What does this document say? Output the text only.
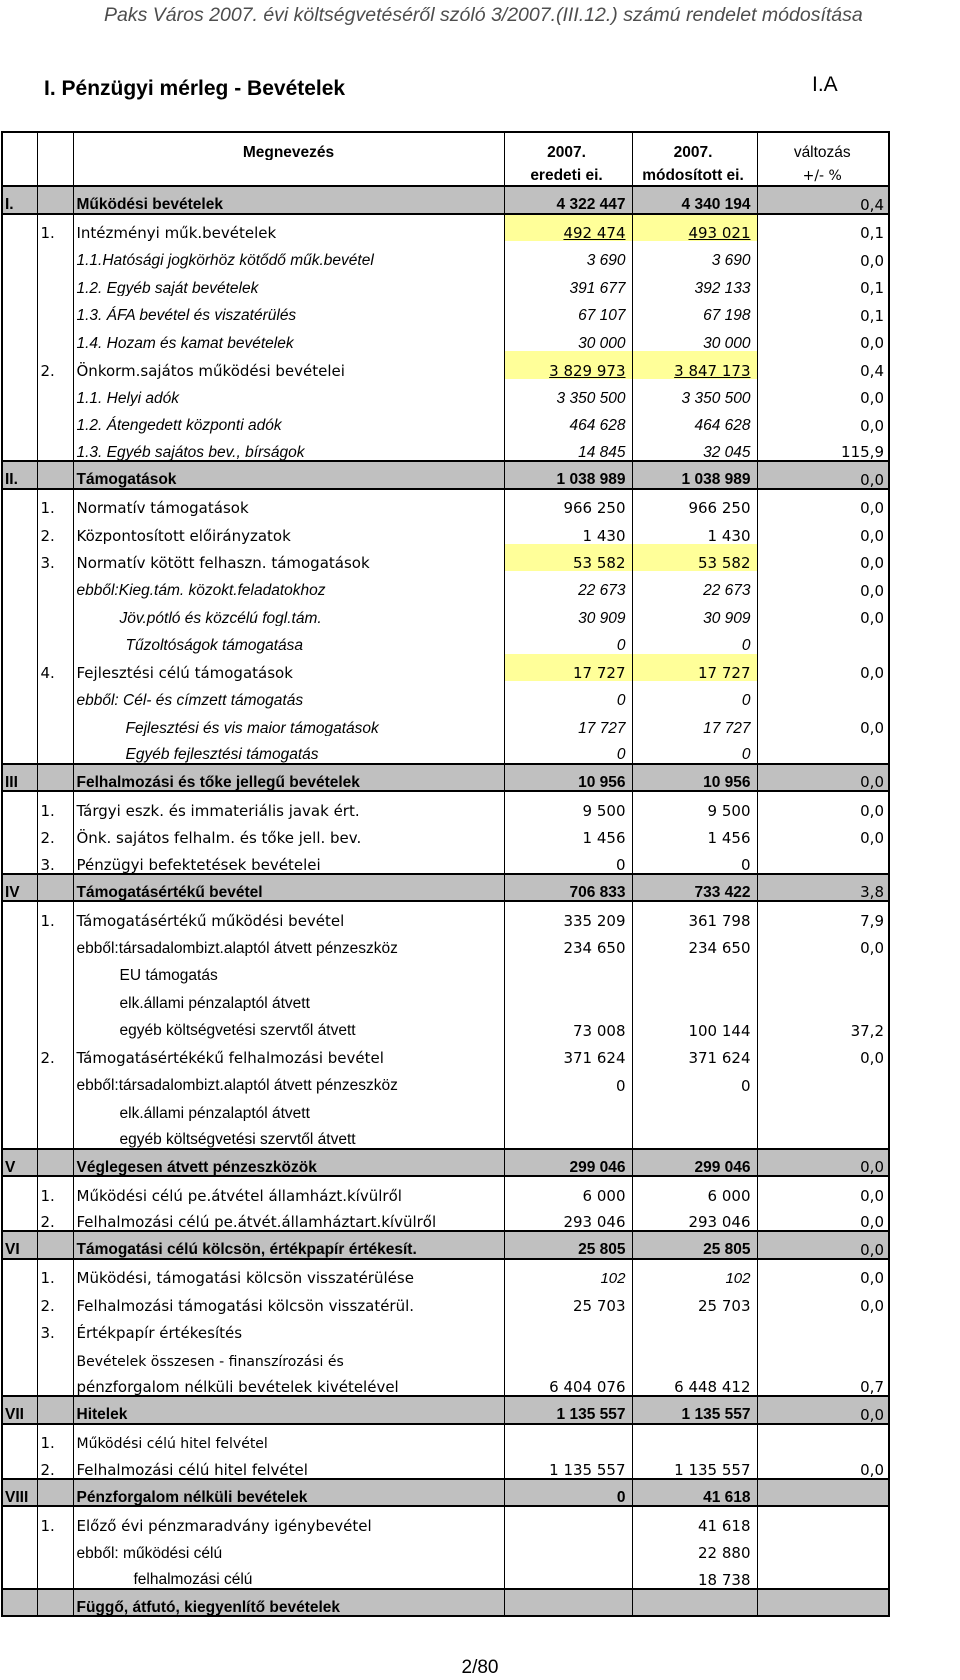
Paks Város 2007. évi költségvetéséről szóló 3/2007.(III.12.) számú rendelet módosítása
I. Pénzügyi mérleg - Bevételek	I.A
		Megnevezés	2007.	2007.	változás
			eredeti ei.	módosított ei.	+/- %
I.		Működési bevételek	4 322 447	4 340 194	0,4
	1.	Intézményi műk.bevételek	492 474	493 021	0,1
		1.1.Hatósági jogkörhöz kötődő műk.bevétel	3 690	3 690	0,0
		1.2. Egyéb saját bevételek	391 677	392 133	0,1
		1.3. ÁFA bevétel és viszatérülés	67 107	67 198	0,1
		1.4. Hozam és kamat bevételek	30 000	30 000	0,0
	2.	Önkorm.sajátos működési bevételei	3 829 973	3 847 173	0,4
		1.1. Helyi adók	3 350 500	3 350 500	0,0
		1.2. Átengedett központi adók	464 628	464 628	0,0
		1.3. Egyéb sajátos bev., bírságok	14 845	32 045	115,9
II.		Támogatások	1 038 989	1 038 989	0,0
	1.	Normatív támogatások	966 250	966 250	0,0
	2.	Központosított előirányzatok	1 430	1 430	0,0
	3.	Normatív kötött felhaszn. támogatások	53 582	53 582	0,0
		ebből:Kieg.tám. közokt.feladatokhoz	22 673	22 673	0,0
		Jöv.pótló és közcélú fogl.tám.	30 909	30 909	0,0
		Tűzoltóságok támogatása	0	0	
	4.	Fejlesztési célú támogatások	17 727	17 727	0,0
		ebből: Cél- és címzett támogatás	0	0	
		Fejlesztési és vis maior támogatások	17 727	17 727	0,0
		Egyéb fejlesztési támogatás	0	0	
III		Felhalmozási és tőke jellegű bevételek	10 956	10 956	0,0
	1.	Tárgyi eszk. és immateriális javak ért.	9 500	9 500	0,0
	2.	Önk. sajátos felhalm. és tőke jell. bev.	1 456	1 456	0,0
	3.	Pénzügyi befektetések bevételei	0	0	
IV		Támogatásértékű bevétel	706 833	733 422	3,8
	1.	Támogatásértékű működési bevétel	335 209	361 798	7,9
		ebből:társadalombizt.alaptól átvett pénzeszköz	234 650	234 650	0,0
		EU támogatás			
		elk.állami pénzalaptól átvett			
		egyéb költségvetési szervtől átvett	73 008	100 144	37,2
	2.	Támogatásértékékű felhalmozási bevétel	371 624	371 624	0,0
		ebből:társadalombizt.alaptól átvett pénzeszköz	0	0	
		elk.állami pénzalaptól átvett			
		egyéb költségvetési szervtől átvett			
V		Véglegesen átvett pénzeszközök	299 046	299 046	0,0
	1.	Működési célú pe.átvétel államházt.kívülről	6 000	6 000	0,0
	2.	Felhalmozási célú pe.átvét.államháztart.kívülről	293 046	293 046	0,0
VI		Támogatási célú kölcsön, értékpapír értékesít.	25 805	25 805	0,0
	1.	Müködési, támogatási kölcsön visszatérülése	102	102	0,0
	2.	Felhalmozási támogatási kölcsön visszatérül.	25 703	25 703	0,0
	3.	Értékpapír értékesítés			
		Bevételek összesen - finanszírozási és			
		pénzforgalom nélküli bevételek kivételével	6 404 076	6 448 412	0,7
VII		Hitelek	1 135 557	1 135 557	0,0
	1.	Működési célú hitel felvétel			
	2.	Felhalmozási célú hitel felvétel	1 135 557	1 135 557	0,0
VIII		Pénzforgalom nélküli bevételek	0	41 618	
	1.	Előző évi pénzmaradvány igénybevétel		41 618	
		ebből: működési célú		22 880	
		felhalmozási célú		18 738	
		Függő, átfutó, kiegyenlítő bevételek			
2/80
